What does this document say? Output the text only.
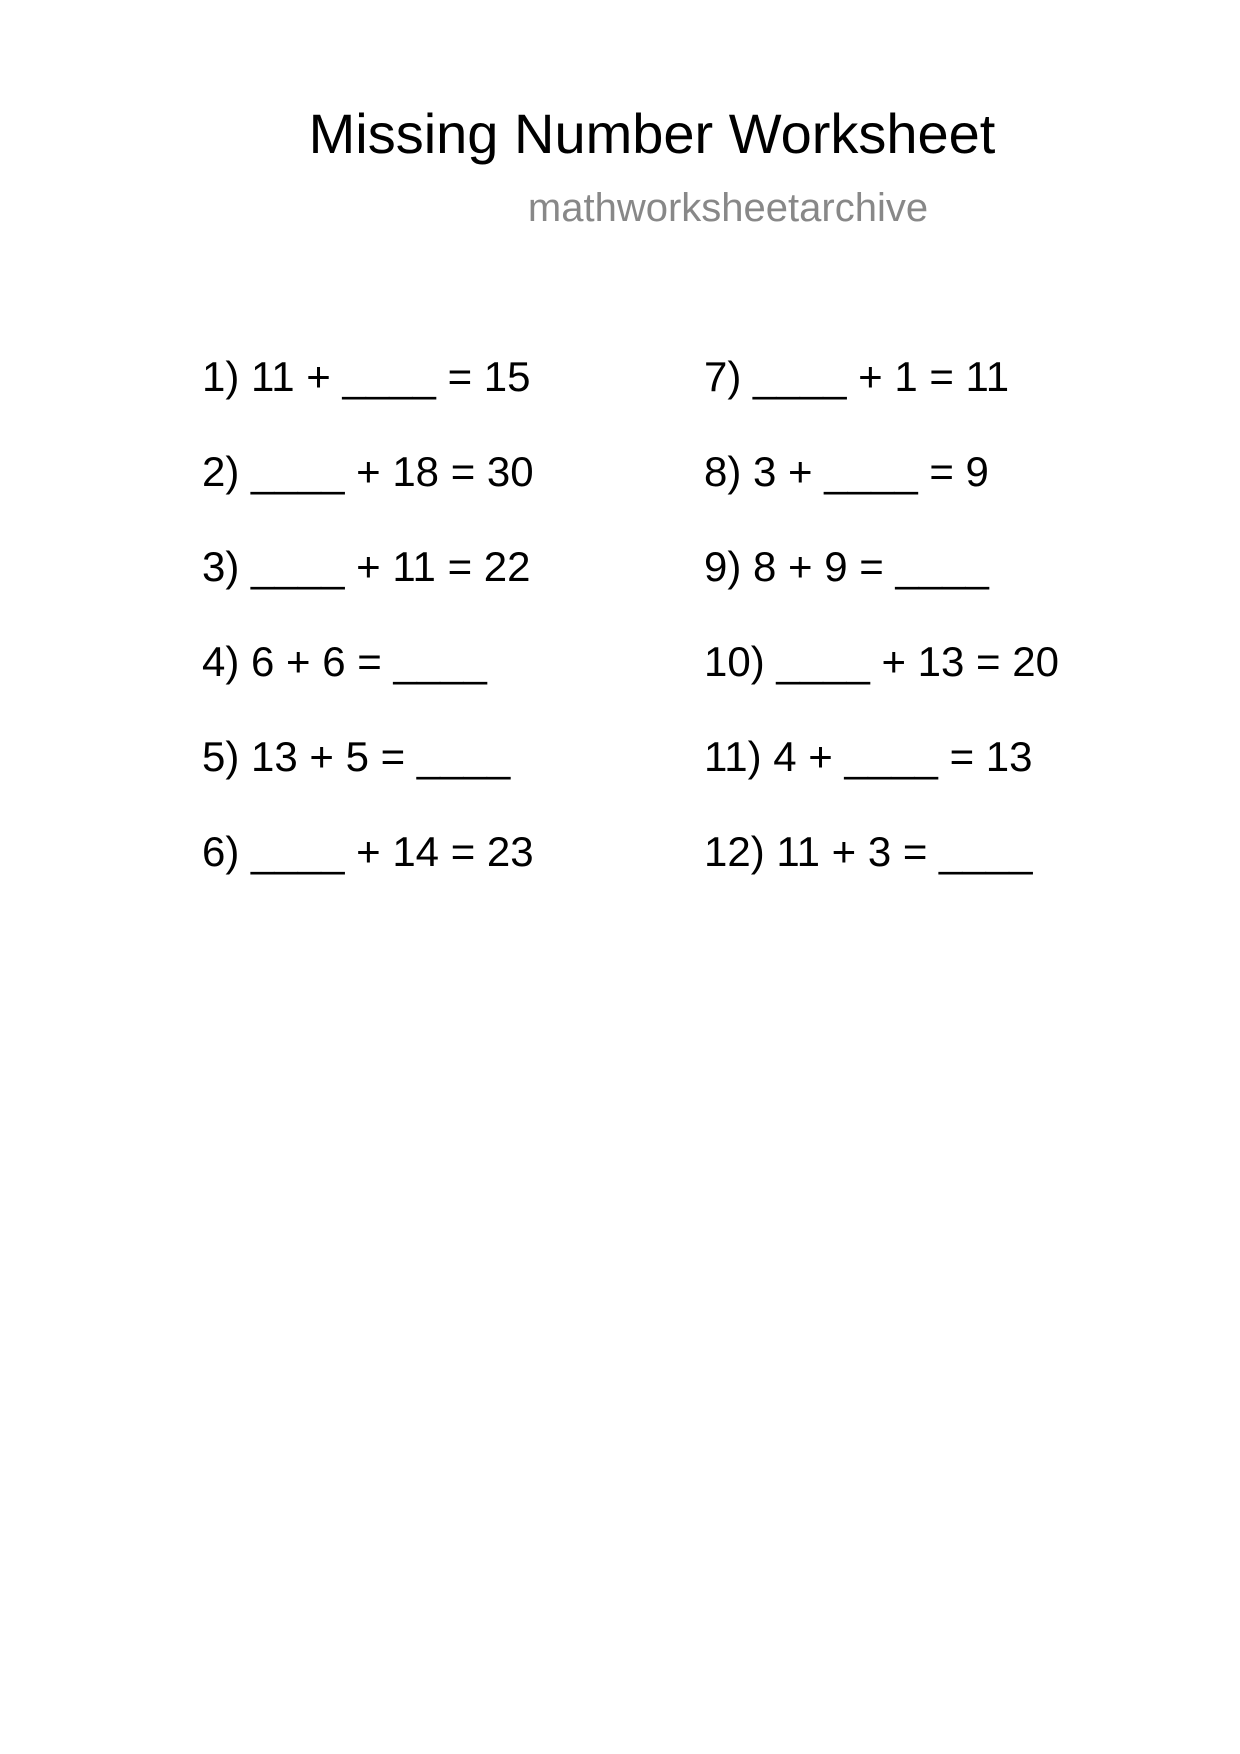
Missing Number Worksheet
mathworksheetarchive
1) 11 + ____ = 15
2) ____ + 18 = 30
3) ____ + 11 = 22
4) 6 + 6 = ____
5) 13 + 5 = ____
6) ____ + 14 = 23
7) ____ + 1 = 11
8) 3 + ____ = 9
9) 8 + 9 = ____
10) ____ + 13 = 20
11) 4 + ____ = 13
12) 11 + 3 = ____
